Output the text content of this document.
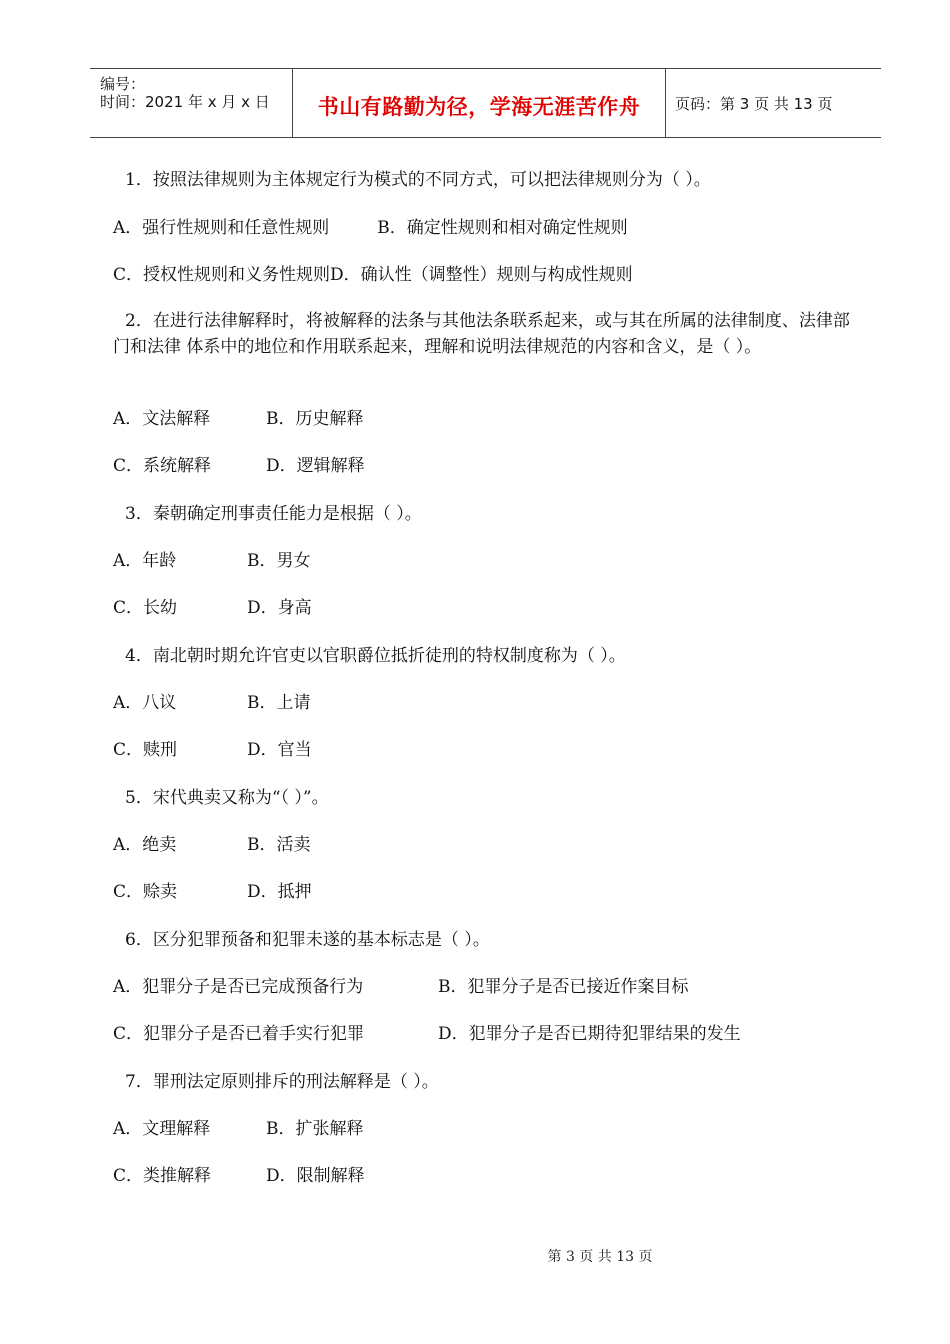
编号：
时间：2021 年 x 月 x 日	书山有路勤为径，学海无涯苦作舟	页码：第 3 页 共 13 页
1．按照法律规则为主体规定行为模式的不同方式，可以把法律规则分为（ ）。
A．强行性规则和任意性规则	B．确定性规则和相对确定性规则
C．授权性规则和义务性规则D．确认性（调整性）规则与构成性规则
2．在进行法律解释时，将被解释的法条与其他法条联系起来，或与其在所属的法律制度、法律部门和法律 体系中的地位和作用联系起来，理解和说明法律规范的内容和含义，是（ ）。
A．文法解释	B．历史解释
C．系统解释	D．逻辑解释
3．秦朝确定刑事责任能力是根据（ ）。
A．年龄	B．男女
C．长幼	D．身高
4．南北朝时期允许官吏以官职爵位抵折徒刑的特权制度称为（ ）。
A．八议	B．上请
C．赎刑	D．官当
5．宋代典卖又称为“（ ）”。
A．绝卖	B．活卖
C．赊卖	D．抵押
6．区分犯罪预备和犯罪未遂的基本标志是（ ）。
A．犯罪分子是否已完成预备行为	B．犯罪分子是否已接近作案目标
C．犯罪分子是否已着手实行犯罪	D．犯罪分子是否已期待犯罪结果的发生
7．罪刑法定原则排斥的刑法解释是（ ）。
A．文理解释	B．扩张解释
C．类推解释	D．限制解释
第 3 页 共 13 页
